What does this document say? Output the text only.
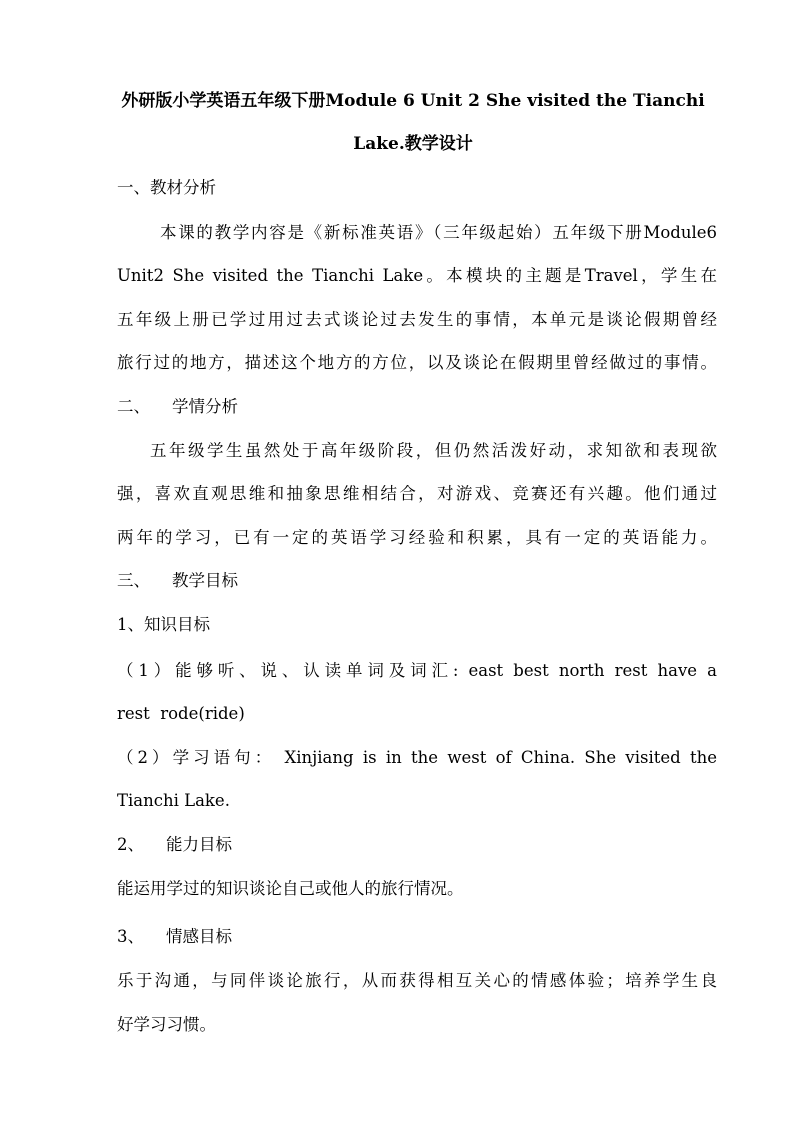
外研版小学英语五年级下册Module 6 Unit 2 She visited the Tianchi
Lake.教学设计
一、教材分析
本课的教学内容是《新标准英语》（三年级起始）五年级下册Module6
Unit2 She visited the Tianchi Lake。本模块的主题是Travel，学生在
五年级上册已学过用过去式谈论过去发生的事情，本单元是谈论假期曾经
旅行过的地方，描述这个地方的方位，以及谈论在假期里曾经做过的事情。
二、 学情分析
五年级学生虽然处于高年级阶段，但仍然活泼好动，求知欲和表现欲
强，喜欢直观思维和抽象思维相结合，对游戏、竞赛还有兴趣。他们通过
两年的学习，已有一定的英语学习经验和积累，具有一定的英语能力。
三、 教学目标
1、知识目标
（1）能够听、说、认读单词及词汇: east best north rest have a
rest  rode(ride)
（2）学习语句： Xinjiang is in the west of China. She visited the
Tianchi Lake.
2、 能力目标
能运用学过的知识谈论自己或他人的旅行情况。
3、 情感目标
乐于沟通，与同伴谈论旅行，从而获得相互关心的情感体验；培养学生良
好学习习惯。
